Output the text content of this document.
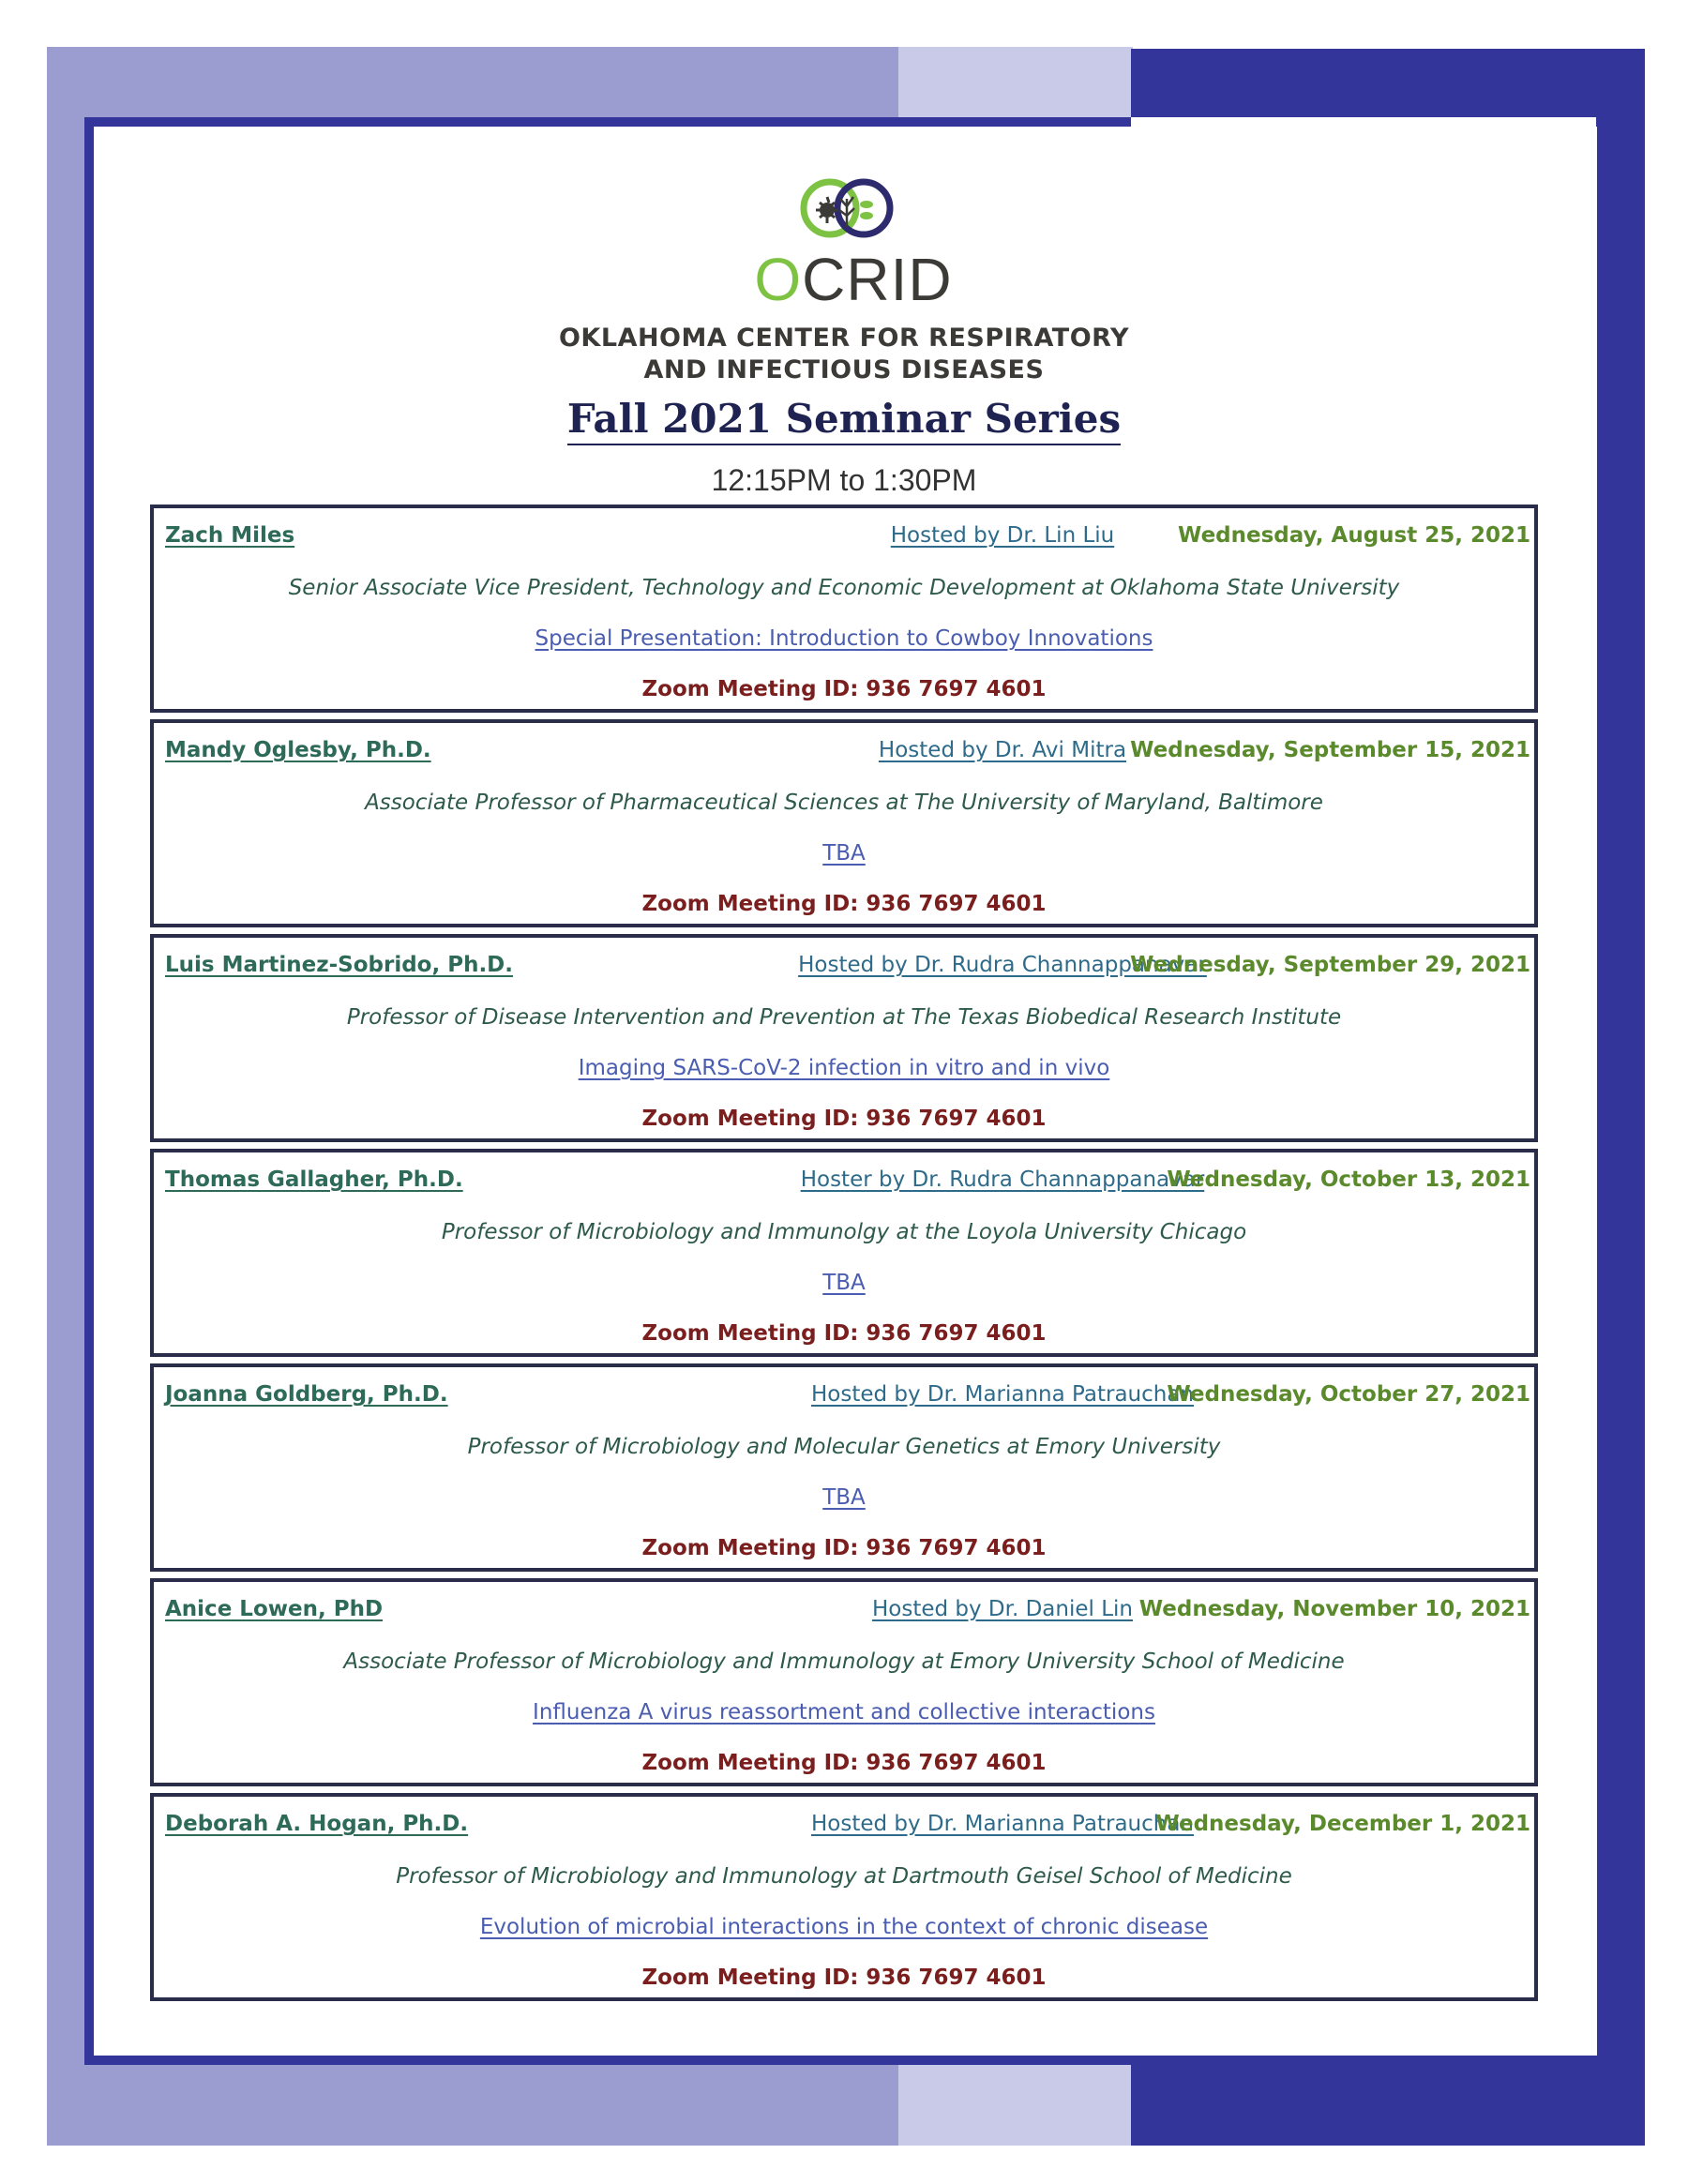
OCRID
OKLAHOMA CENTER FOR RESPIRATORY
AND INFECTIOUS DISEASES
Fall 2021 Seminar Series
12:15PM to 1:30PM
Zach Miles	Hosted by Dr. Lin Liu	Wednesday, August 25, 2021
Senior Associate Vice President, Technology and Economic Development at Oklahoma State University
Special Presentation: Introduction to Cowboy Innovations
Zoom Meeting ID: 936 7697 4601
Mandy Oglesby, Ph.D.	Hosted by Dr. Avi Mitra Wednesday, September 15, 2021
Associate Professor of Pharmaceutical Sciences at The University of Maryland, Baltimore
TBA
Zoom Meeting ID: 936 7697 4601
Luis Martinez-Sobrido, Ph.D.	Hosted by Dr. Rudra Channappanavar
Wednesday, September 29, 2021
Professor of Disease Intervention and Prevention at The Texas Biobedical Research Institute
Imaging SARS-CoV-2 infection in vitro and in vivo
Zoom Meeting ID: 936 7697 4601
Thomas Gallagher, Ph.D.	Hoster by Dr. Rudra Channappanavar
Wednesday, October 13, 2021
Professor of Microbiology and Immunolgy at the Loyola University Chicago
TBA
Zoom Meeting ID: 936 7697 4601
Joanna Goldberg, Ph.D.	Hosted by Dr. Marianna Patrauchan
Wednesday, October 27, 2021
Professor of Microbiology and Molecular Genetics at Emory University
TBA
Zoom Meeting ID: 936 7697 4601
Anice Lowen, PhD	Hosted by Dr. Daniel Lin Wednesday, November 10, 2021
Associate Professor of Microbiology and Immunology at Emory University School of Medicine
Influenza A virus reassortment and collective interactions
Zoom Meeting ID: 936 7697 4601
Deborah A. Hogan, Ph.D.	Hosted by Dr. Marianna Patrauchan
Wednesday, December 1, 2021
Professor of Microbiology and Immunology at Dartmouth Geisel School of Medicine
Evolution of microbial interactions in the context of chronic disease
Zoom Meeting ID: 936 7697 4601
